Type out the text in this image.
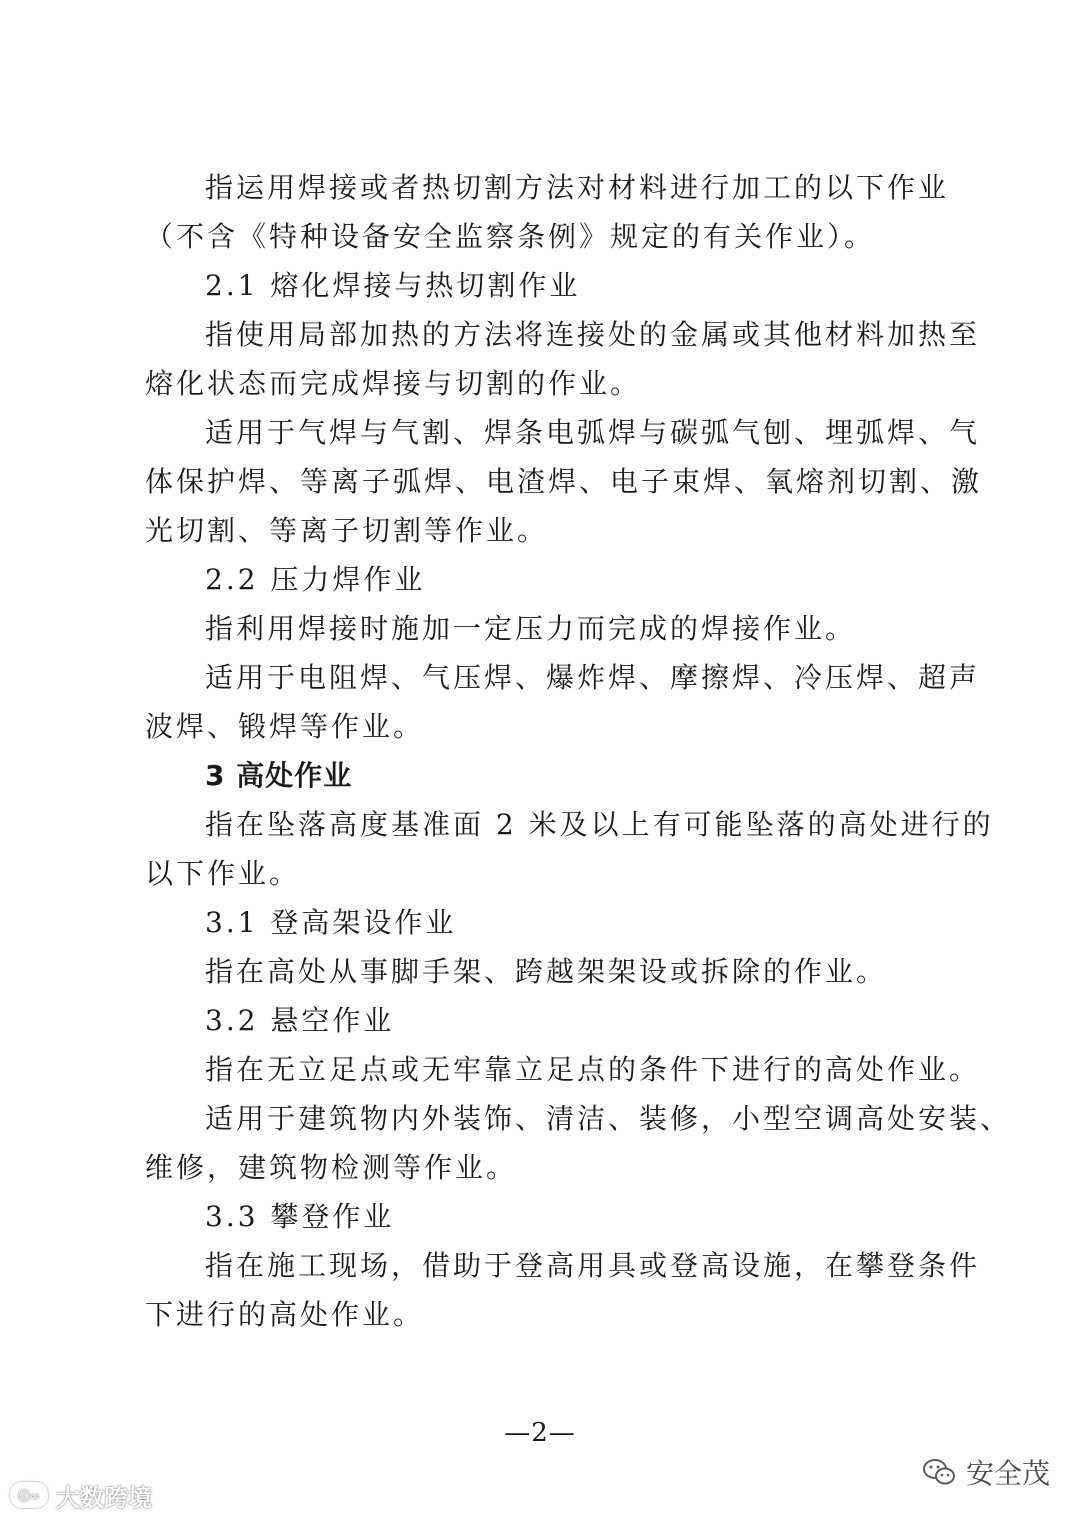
指运用焊接或者热切割方法对材料进行加工的以下作业
（不含《特种设备安全监察条例》规定的有关作业）。
2.1 熔化焊接与热切割作业
指使用局部加热的方法将连接处的金属或其他材料加热至
熔化状态而完成焊接与切割的作业。
适用于气焊与气割、焊条电弧焊与碳弧气刨、埋弧焊、气
体保护焊、等离子弧焊、电渣焊、电子束焊、氧熔剂切割、激
光切割、等离子切割等作业。
2.2 压力焊作业
指利用焊接时施加一定压力而完成的焊接作业。
适用于电阻焊、气压焊、爆炸焊、摩擦焊、冷压焊、超声
波焊、锻焊等作业。
3 高处作业
指在坠落高度基准面 2 米及以上有可能坠落的高处进行的
以下作业。
3.1 登高架设作业
指在高处从事脚手架、跨越架架设或拆除的作业。
3.2 悬空作业
指在无立足点或无牢靠立足点的条件下进行的高处作业。
适用于建筑物内外装饰、清洁、装修，小型空调高处安装、
维修，建筑物检测等作业。
3.3 攀登作业
指在施工现场，借助于登高用具或登高设施，在攀登条件
下进行的高处作业。
—2—
ⓒ∞ 大数跨境
安全茂
